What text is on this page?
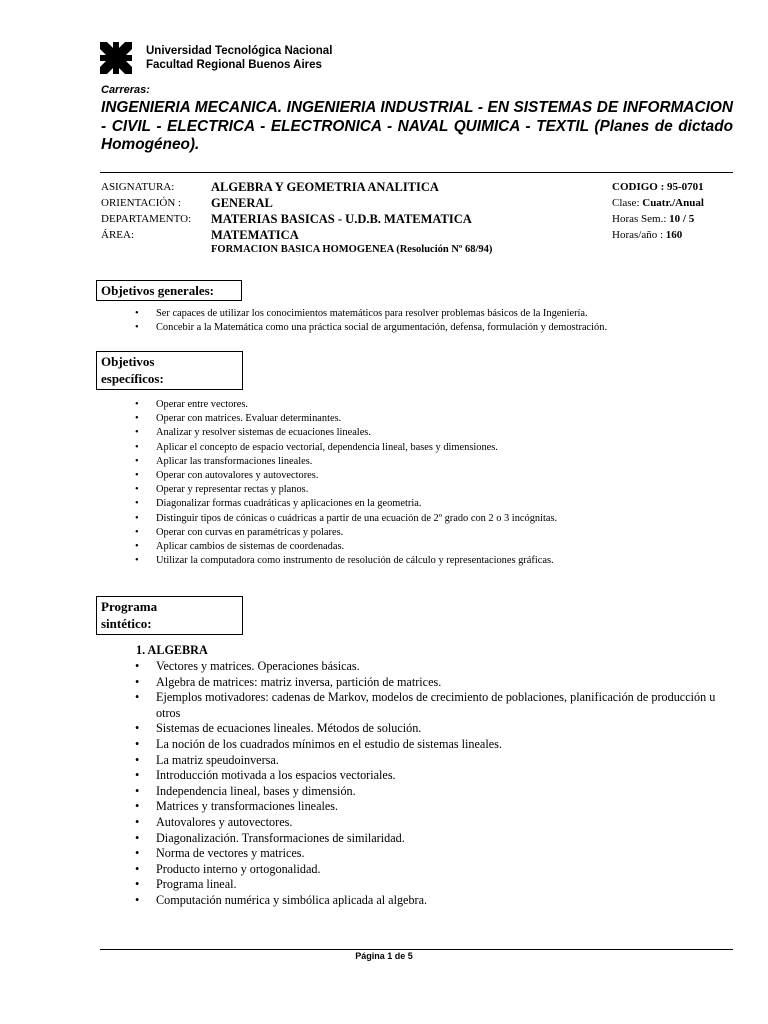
Universidad Tecnológica Nacional
Facultad Regional Buenos Aires
Carreras:
INGENIERIA MECANICA. INGENIERIA INDUSTRIAL - EN SISTEMAS DE INFORMACION - CIVIL - ELECTRICA - ELECTRONICA - NAVAL QUIMICA - TEXTIL (Planes de dictado Homogéneo).
ASIGNATURA:	ALGEBRA Y GEOMETRIA ANALITICA	CODIGO : 95-0701
ORIENTACIÓN : GENERAL	Clase: Cuatr./Anual
DEPARTAMENTO: MATERIAS BASICAS - U.D.B. MATEMATICA	Horas Sem.: 10 / 5
ÁREA:	MATEMATICA	Horas/año : 160
FORMACION BASICA HOMOGENEA (Resolución Nº 68/94)
Objetivos generales:
• Ser capaces de utilizar los conocimientos matemáticos para resolver problemas básicos de la Ingeniería.
• Concebir a la Matemática como una práctica social de argumentación, defensa, formulación y demostración.
Objetivos
específicos:
• Operar entre vectores.
• Operar con matrices. Evaluar determinantes.
• Analizar y resolver sistemas de ecuaciones lineales.
• Aplicar el concepto de espacio vectorial, dependencia lineal, bases y dimensiones.
• Aplicar las transformaciones lineales.
• Operar con autovalores y autovectores.
• Operar y representar rectas y planos.
• Diagonalizar formas cuadráticas y aplicaciones en la geometria.
• Distinguir tipos de cónicas o cuádricas a partir de una ecuación de 2º grado con 2 o 3 incógnitas.
• Operar con curvas en paramétricas y polares.
• Aplicar cambios de sistemas de coordenadas.
• Utilizar la computadora como instrumento de resolución de cálculo y representaciones gráficas.
Programa
sintético:
1. ALGEBRA
• Vectores y matrices. Operaciones básicas.
• Algebra de matrices: matriz inversa, partición de matrices.
• Ejemplos motivadores: cadenas de Markov, modelos de crecimiento de poblaciones, planificación de producción u otros
• Sistemas de ecuaciones lineales. Métodos de solución.
• La noción de los cuadrados mínimos en el estudio de sistemas lineales.
• La matriz speudoinversa.
• Introducción motivada a los espacios vectoriales.
• Independencia lineal, bases y dimensión.
• Matrices y transformaciones lineales.
• Autovalores y autovectores.
• Diagonalización. Transformaciones de similaridad.
• Norma de vectores y matrices.
• Producto interno y ortogonalidad.
• Programa lineal.
• Computación numérica y simbólica aplicada al algebra.
Página 1 de 5
